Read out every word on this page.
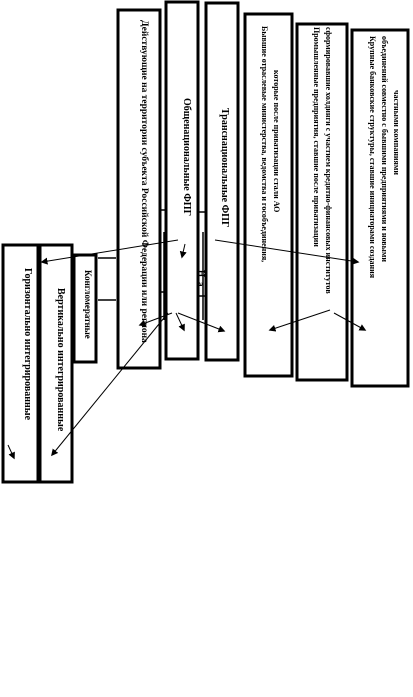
Горизонтально интегрированные Вертикально интегрированные Конгломератные	Действующие на территории субъекта Российской Федерации или региона	Общенациональные ФПГ	Транснациональные ФПГ	Бывшие отраслевые министерства, ведомства и гособъединения, которые после приватизации стали АО	Промышленные предприятия, ставшие после приватизации сформировавшие холдинги с участием кредитно-финансовых институтов	Крупные банковские структуры, ставшие инициаторами создания объединений совместно с бывшими предприятиями и новыми частными компаниями
Н
а
